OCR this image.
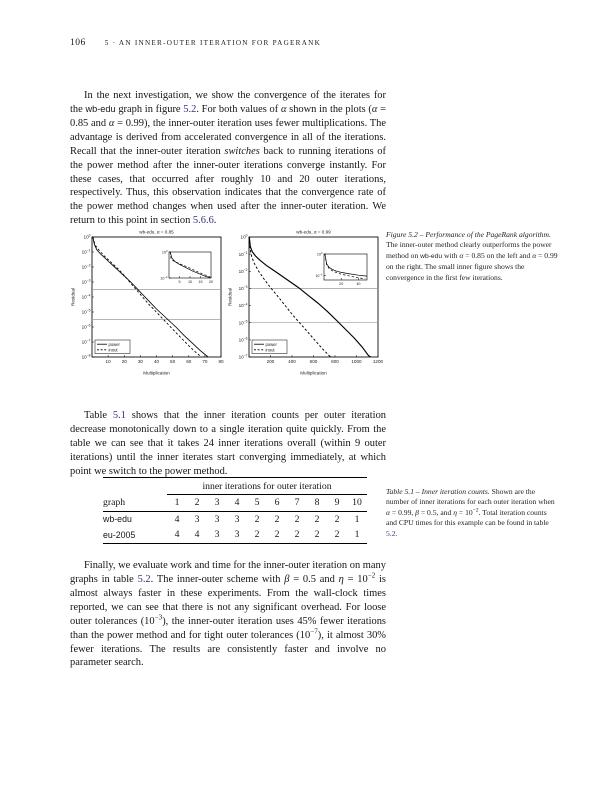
106	5 · AN INNER-OUTER ITERATION FOR PAGERANK

In the next investigation, we show the convergence of the iterates for the wb-edu graph in figure 5.2. For both values of α shown in the plots (α = 0.85 and α = 0.99), the inner-outer iteration uses fewer multiplications. The advantage is derived from accelerated convergence in all of the iterations. Recall that the inner-outer iteration switches back to running iterations of the power method after the inner-outer iterations converge instantly. For these cases, that occurred after roughly 10 and 20 outer iterations, respectively. Thus, this observation indicates that the convergence rate of the power method changes when used after the inner-outer iteration. We return to this point in section 5.6.6.

$10^0$
$10^{-1}$
$10^{-2}$
$10^{-3}$
$10^{-4}$
$10^{-5}$
$10^{-6}$
$10^{-7}$
$10^{-8}$
10 20 30 40 50 60 70 80
wb-edu, α = 0.85
Multiplication
Residual
power
inout
$10^0$
$10^{-2}$
5 10 15 20
$10^0$
$10^{-1}$
$10^{-2}$
$10^{-3}$
$10^{-4}$
$10^{-5}$
$10^{-6}$
$10^{-7}$
200	400	600	800	1000 1200
wb-edu, α = 0.99
Multiplication
Residual
power
inout
$10^0$
$10^{-1}$
20	40
Figure 5.2 – Performance of the PageRank algorithm. The inner-outer method clearly outperforms the power method on wb-edu with α = 0.85 on the left and α = 0.99 on the right. The small inner figure shows the convergence in the first few iterations.

Table 5.1 shows that the inner iteration counts per outer iteration decrease monotonically down to a single iteration quite quickly. From the table we can see that it takes 24 inner iterations overall (within 9 outer iterations) until the inner iterates start converging immediately, at which point we switch to the power method.

	inner iterations for outer iteration									
graph	1	2	3	4	5	6	7	8	9	10
wb-edu	4	3	3	3	2	2	2	2	2	1
eu-2005	4	4	3	3	2	2	2	2	2	1
Table 5.1 – Inner iteration counts. Shown are the number of inner iterations for each outer iteration when α = 0.99, β = 0.5, and $\eta = 10^{-2}$. Total iteration counts and CPU times for this example can be found in table 5.2.

Finally, we evaluate work and time for the inner-outer iteration on many graphs in table 5.2. The inner-outer scheme with β = 0.5 and $\eta = 10^{-2}$ is almost always faster in these experiments. From the wall-clock times reported, we can see that there is not any significant overhead. For loose outer tolerances $(10^{-3})$, the inner-outer iteration uses 45% fewer iterations than the power method and for tight outer tolerances $(10^{-7})$, it almost 30% fewer iterations. The results are consistently faster and involve no parameter search.
